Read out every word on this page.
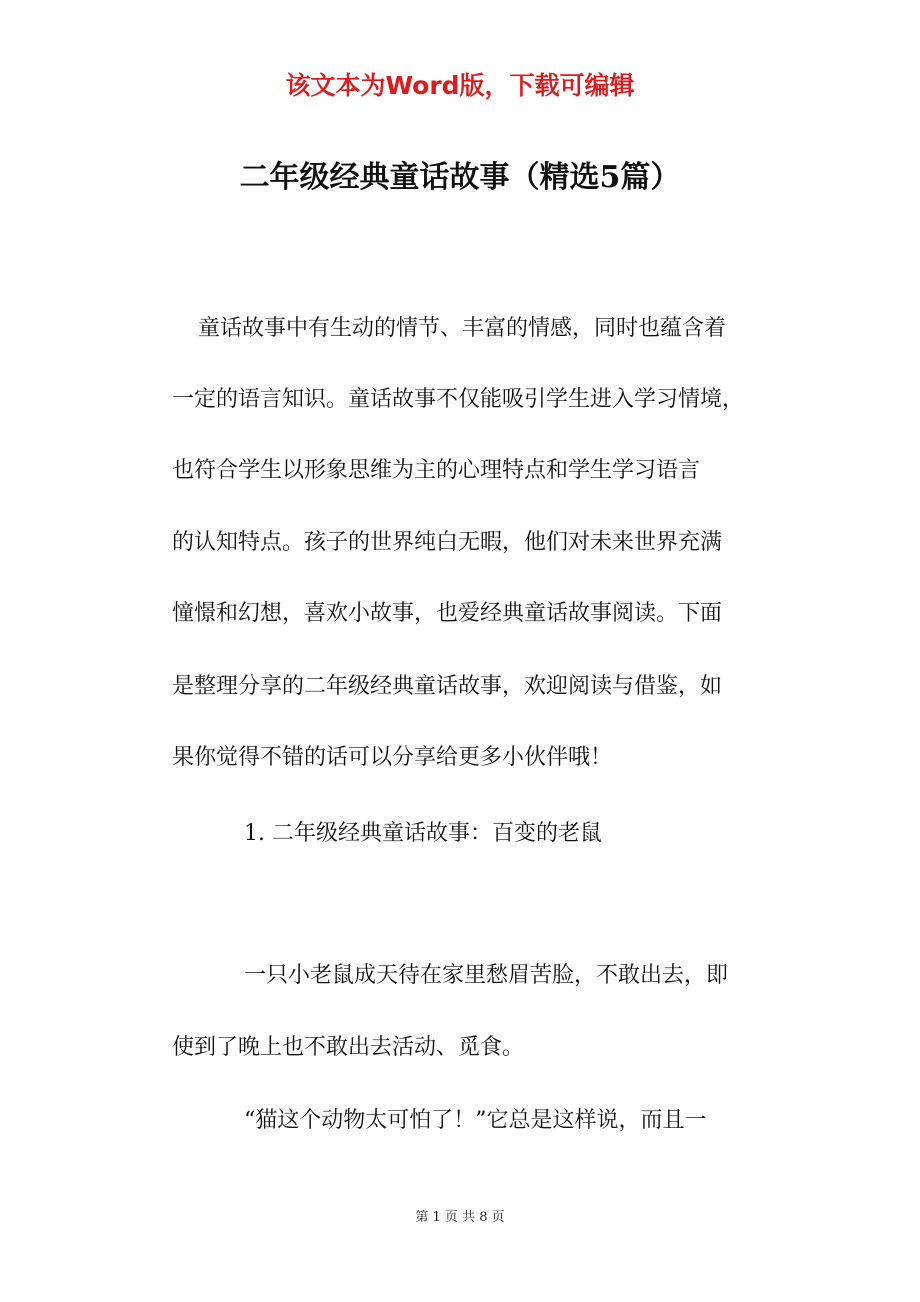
该文本为Word版，下载可编辑
二年级经典童话故事（精选5篇）
童话故事中有生动的情节、丰富的情感，同时也蕴含着
一定的语言知识。童话故事不仅能吸引学生进入学习情境，
也符合学生以形象思维为主的心理特点和学生学习语言
的认知特点。孩子的世界纯白无暇，他们对未来世界充满
憧憬和幻想，喜欢小故事，也爱经典童话故事阅读。下面
是整理分享的二年级经典童话故事，欢迎阅读与借鉴，如
果你觉得不错的话可以分享给更多小伙伴哦！
1. 二年级经典童话故事：百变的老鼠
一只小老鼠成天待在家里愁眉苦脸，不敢出去，即
使到了晚上也不敢出去活动、觅食。
“猫这个动物太可怕了！”它总是这样说，而且一
第 1 页 共 8 页
